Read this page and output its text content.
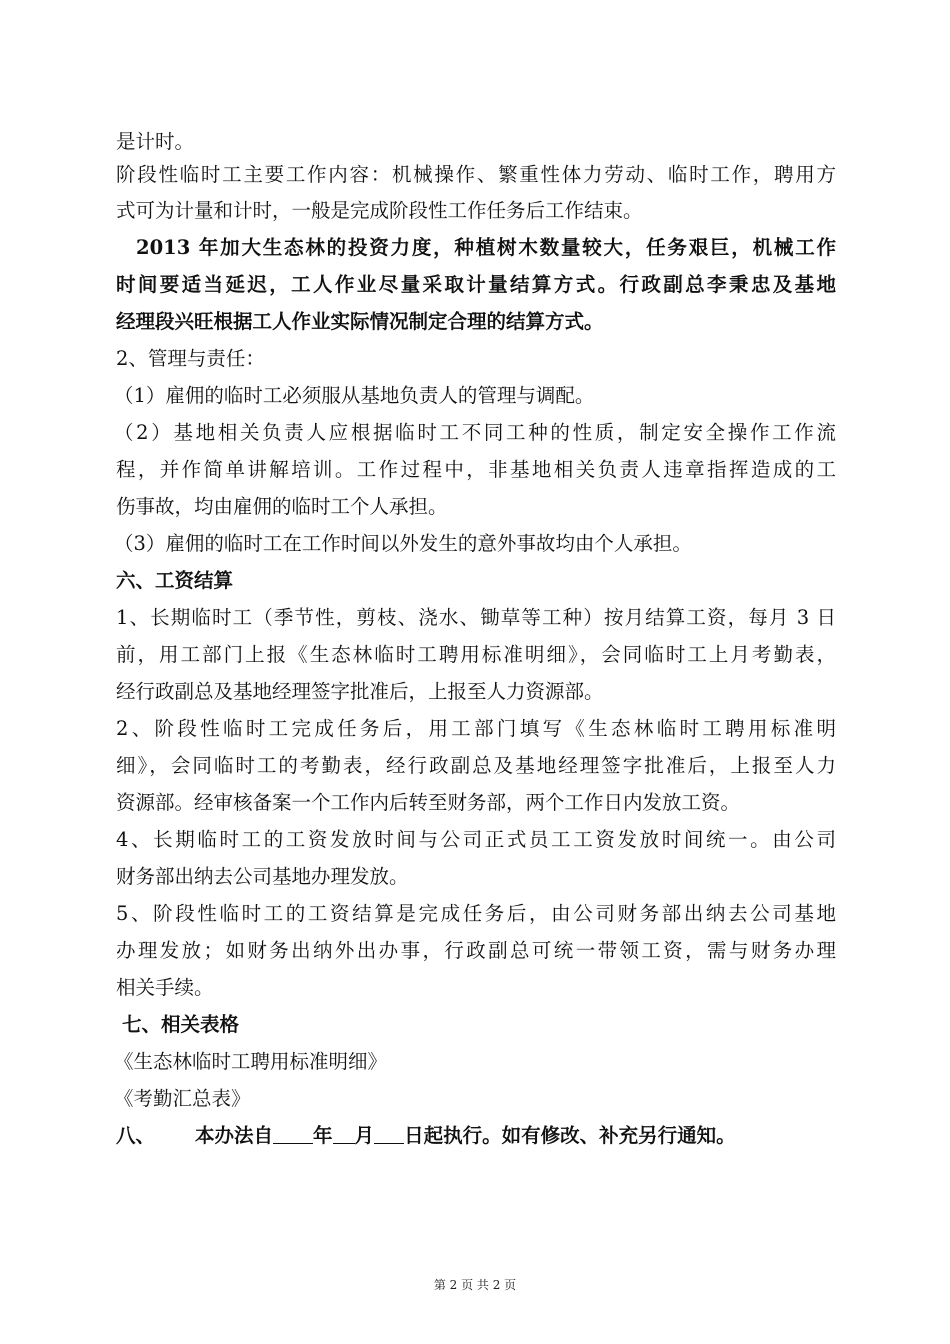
是计时。
阶段性临时工主要工作内容：机械操作、繁重性体力劳动、临时工作，聘用方
式可为计量和计时，一般是完成阶段性工作任务后工作结束。
2013 年加大生态林的投资力度，种植树木数量较大，任务艰巨，机械工作
时间要适当延迟，工人作业尽量采取计量结算方式。行政副总李秉忠及基地
经理段兴旺根据工人作业实际情况制定合理的结算方式。
2、管理与责任：
（1）雇佣的临时工必须服从基地负责人的管理与调配。
（2）基地相关负责人应根据临时工不同工种的性质，制定安全操作工作流
程，并作简单讲解培训。工作过程中，非基地相关负责人违章指挥造成的工
伤事故，均由雇佣的临时工个人承担。
（3）雇佣的临时工在工作时间以外发生的意外事故均由个人承担。
六、工资结算
1、长期临时工（季节性，剪枝、浇水、锄草等工种）按月结算工资，每月 3 日
前，用工部门上报《生态林临时工聘用标准明细》，会同临时工上月考勤表，
经行政副总及基地经理签字批准后，上报至人力资源部。
2、阶段性临时工完成任务后，用工部门填写《生态林临时工聘用标准明
细》，会同临时工的考勤表，经行政副总及基地经理签字批准后，上报至人力
资源部。经审核备案一个工作内后转至财务部，两个工作日内发放工资。
4、长期临时工的工资发放时间与公司正式员工工资发放时间统一。由公司
财务部出纳去公司基地办理发放。
5、阶段性临时工的工资结算是完成任务后，由公司财务部出纳去公司基地
办理发放；如财务出纳外出办事，行政副总可统一带领工资，需与财务办理
相关手续。
七、相关表格
《生态林临时工聘用标准明细》
《考勤汇总表》
八、 本办法自 年 月 日起执行。如有修改、补充另行通知。
第 2 页 共 2 页
